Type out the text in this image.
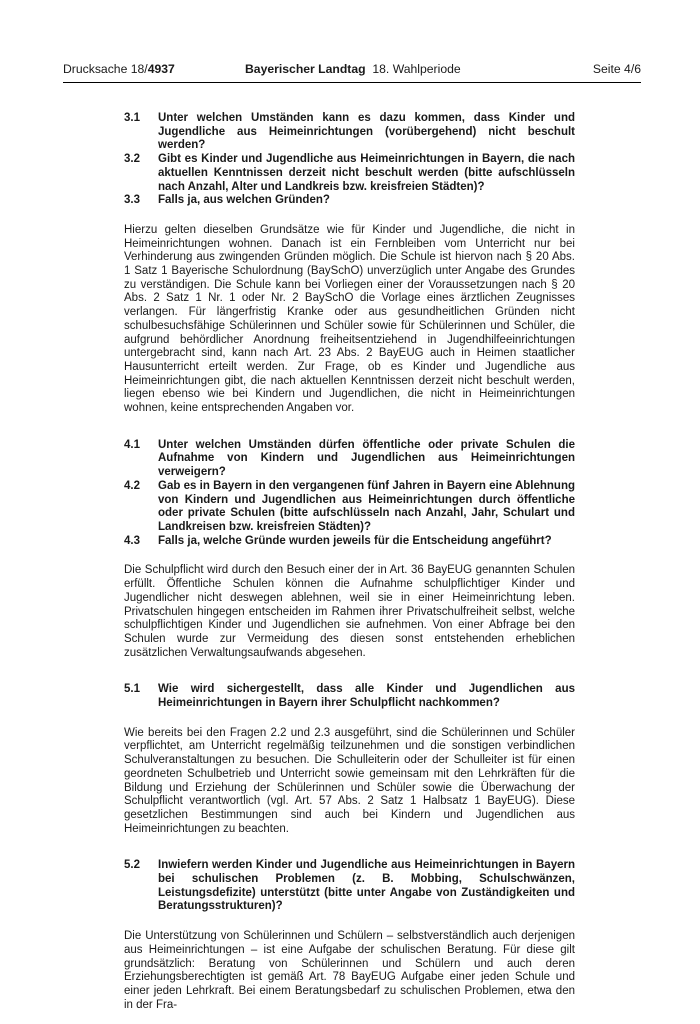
Drucksache 18/4937	Bayerischer Landtag 18. Wahlperiode	Seite 4/6
3.1	Unter welchen Umständen kann es dazu kommen, dass Kinder und Jugendliche aus Heimeinrichtungen (vorübergehend) nicht beschult werden?
3.2	Gibt es Kinder und Jugendliche aus Heimeinrichtungen in Bayern, die nach aktuellen Kenntnissen derzeit nicht beschult werden (bitte aufschlüsseln nach Anzahl, Alter und Landkreis bzw. kreisfreien Städten)?
3.3	Falls ja, aus welchen Gründen?

Hierzu gelten dieselben Grundsätze wie für Kinder und Jugendliche, die nicht in Heimeinrichtungen wohnen. Danach ist ein Fernbleiben vom Unterricht nur bei Verhinderung aus zwingenden Gründen möglich. Die Schule ist hiervon nach § 20 Abs. 1 Satz 1 Bayerische Schulordnung (BaySchO) unverzüglich unter Angabe des Grundes zu verständigen. Die Schule kann bei Vorliegen einer der Voraussetzungen nach § 20 Abs. 2 Satz 1 Nr. 1 oder Nr. 2 BaySchO die Vorlage eines ärztlichen Zeugnisses verlangen. Für längerfristig Kranke oder aus gesundheitlichen Gründen nicht schulbesuchsfähige Schülerinnen und Schüler sowie für Schülerinnen und Schüler, die aufgrund behördlicher Anordnung freiheitsentziehend in Jugendhilfeeinrichtungen untergebracht sind, kann nach Art. 23 Abs. 2 BayEUG auch in Heimen staatlicher Hausunterricht erteilt werden. Zur Frage, ob es Kinder und Jugendliche aus Heimeinrichtungen gibt, die nach aktuellen Kenntnissen derzeit nicht beschult werden, liegen ebenso wie bei Kindern und Jugendlichen, die nicht in Heimeinrichtungen wohnen, keine entsprechenden Angaben vor.

4.1	Unter welchen Umständen dürfen öffentliche oder private Schulen die Aufnahme von Kindern und Jugendlichen aus Heimeinrichtungen verweigern?
4.2	Gab es in Bayern in den vergangenen fünf Jahren in Bayern eine Ablehnung von Kindern und Jugendlichen aus Heimeinrichtungen durch öffentliche oder private Schulen (bitte aufschlüsseln nach Anzahl, Jahr, Schulart und Landkreisen bzw. kreisfreien Städten)?
4.3	Falls ja, welche Gründe wurden jeweils für die Entscheidung angeführt?

Die Schulpflicht wird durch den Besuch einer der in Art. 36 BayEUG genannten Schulen erfüllt. Öffentliche Schulen können die Aufnahme schulpflichtiger Kinder und Jugendlicher nicht deswegen ablehnen, weil sie in einer Heimeinrichtung leben. Privatschulen hingegen entscheiden im Rahmen ihrer Privatschulfreiheit selbst, welche schulpflichtigen Kinder und Jugendlichen sie aufnehmen. Von einer Abfrage bei den Schulen wurde zur Vermeidung des diesen sonst entstehenden erheblichen zusätzlichen Verwaltungsaufwands abgesehen.

5.1	Wie wird sichergestellt, dass alle Kinder und Jugendlichen aus Heimeinrichtungen in Bayern ihrer Schulpflicht nachkommen?

Wie bereits bei den Fragen 2.2 und 2.3 ausgeführt, sind die Schülerinnen und Schüler verpflichtet, am Unterricht regelmäßig teilzunehmen und die sonstigen verbindlichen Schulveranstaltungen zu besuchen. Die Schulleiterin oder der Schulleiter ist für einen geordneten Schulbetrieb und Unterricht sowie gemeinsam mit den Lehrkräften für die Bildung und Erziehung der Schülerinnen und Schüler sowie die Überwachung der Schulpflicht verantwortlich (vgl. Art. 57 Abs. 2 Satz 1 Halbsatz 1 BayEUG). Diese gesetzlichen Bestimmungen sind auch bei Kindern und Jugendlichen aus Heimeinrichtungen zu beachten.

5.2	Inwiefern werden Kinder und Jugendliche aus Heimeinrichtungen in Bayern bei schulischen Problemen (z. B. Mobbing, Schulschwänzen, Leistungsdefizite) unterstützt (bitte unter Angabe von Zuständigkeiten und Beratungsstrukturen)?

Die Unterstützung von Schülerinnen und Schülern – selbstverständlich auch derjenigen aus Heimeinrichtungen – ist eine Aufgabe der schulischen Beratung. Für diese gilt grundsätzlich: Beratung von Schülerinnen und Schülern und auch deren Erziehungsberechtigten ist gemäß Art. 78 BayEUG Aufgabe einer jeden Schule und einer jeden Lehrkraft. Bei einem Beratungsbedarf zu schulischen Problemen, etwa den in der Fra-
